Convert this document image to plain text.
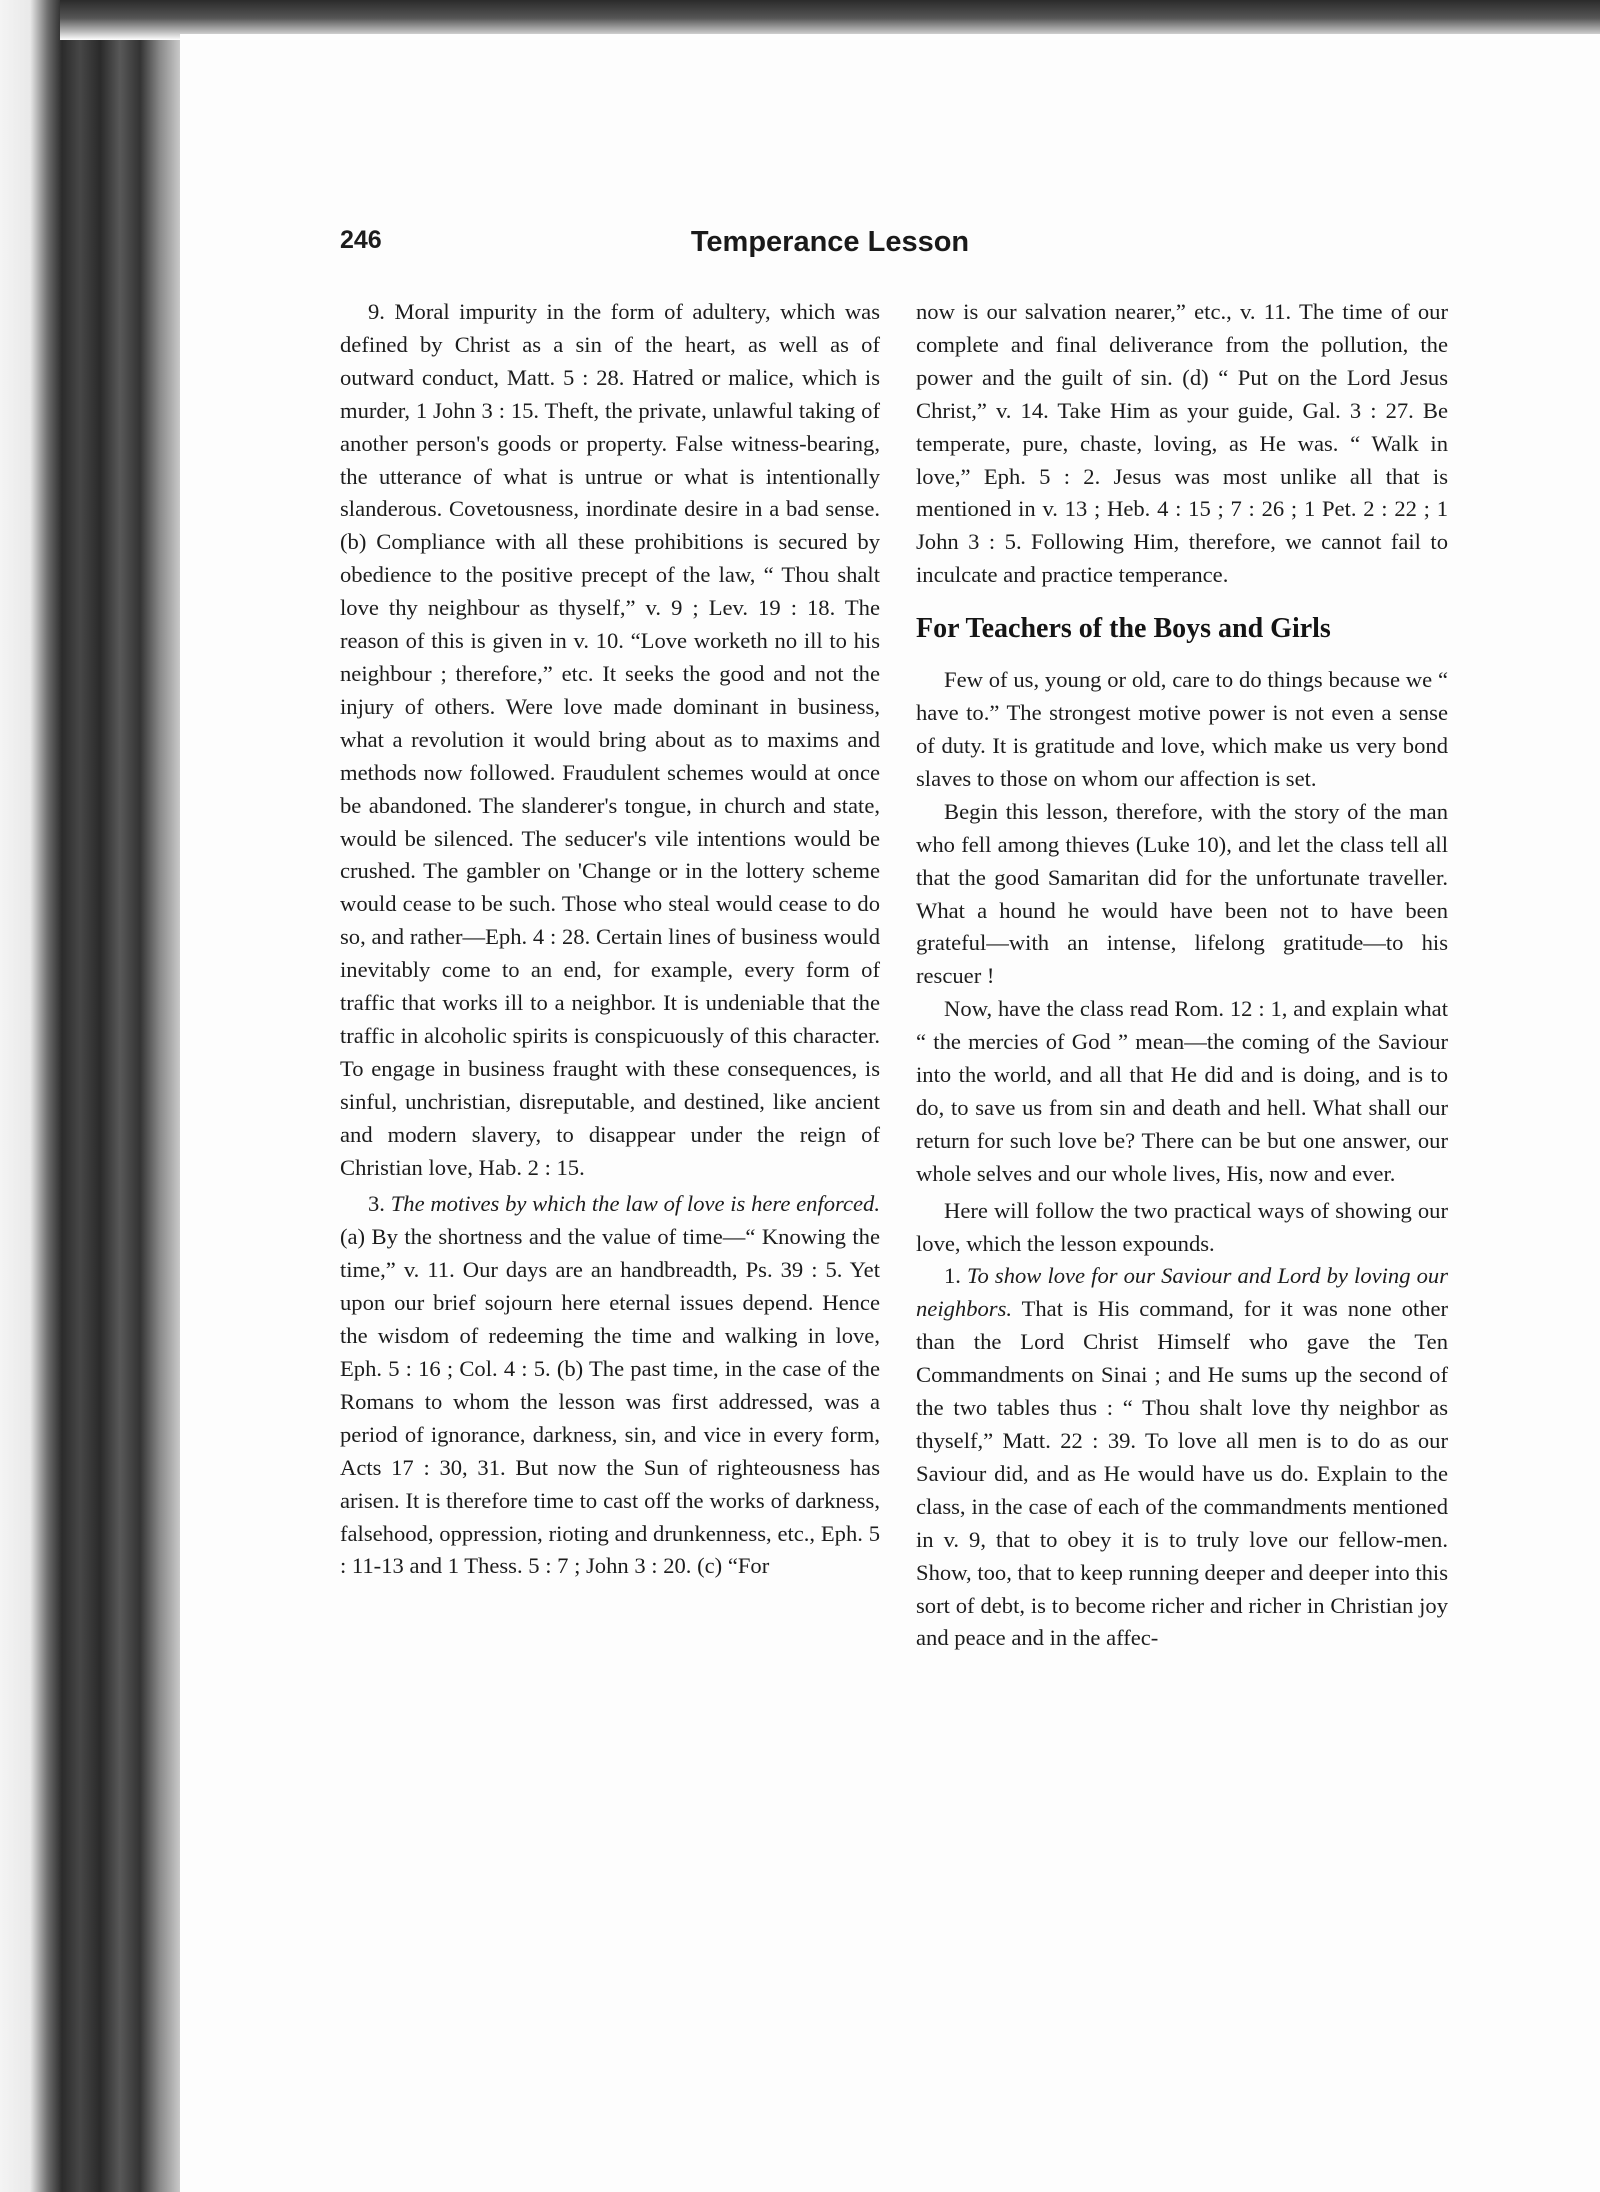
246	Temperance Lesson

9. Moral impurity in the form of adultery, which was defined by Christ as a sin of the heart, as well as of outward conduct, Matt. 5 : 28. Hatred or malice, which is murder, 1 John 3 : 15. Theft, the private, unlawful taking of another person's goods or property. False witness-bearing, the utterance of what is untrue or what is intentionally slanderous. Covetousness, inordinate desire in a bad sense. (b) Compliance with all these prohibitions is secured by obedience to the positive precept of the law, “ Thou shalt love thy neighbour as thyself,” v. 9 ; Lev. 19 : 18. The reason of this is given in v. 10. “Love worketh no ill to his neighbour ; therefore,” etc. It seeks the good and not the injury of others. Were love made dominant in business, what a revolution it would bring about as to maxims and methods now followed. Fraudulent schemes would at once be abandoned. The slanderer's tongue, in church and state, would be silenced. The seducer's vile intentions would be crushed. The gambler on 'Change or in the lottery scheme would cease to be such. Those who steal would cease to do so, and rather—Eph. 4 : 28. Certain lines of business would inevitably come to an end, for example, every form of traffic that works ill to a neighbor. It is undeniable that the traffic in alcoholic spirits is conspicuously of this character. To engage in business fraught with these consequences, is sinful, unchristian, disreputable, and destined, like ancient and modern slavery, to disappear under the reign of Christian love, Hab. 2 : 15.

3. The motives by which the law of love is here enforced. (a) By the shortness and the value of time—“ Knowing the time,” v. 11. Our days are an handbreadth, Ps. 39 : 5. Yet upon our brief sojourn here eternal issues depend. Hence the wisdom of redeeming the time and walking in love, Eph. 5 : 16 ; Col. 4 : 5. (b) The past time, in the case of the Romans to whom the lesson was first addressed, was a period of ignorance, darkness, sin, and vice in every form, Acts 17 : 30, 31. But now the Sun of righteousness has arisen. It is therefore time to cast off the works of darkness, falsehood, oppression, rioting and drunkenness, etc., Eph. 5 : 11-13 and 1 Thess. 5 : 7 ; John 3 : 20. (c) “For

now is our salvation nearer,” etc., v. 11. The time of our complete and final deliverance from the pollution, the power and the guilt of sin. (d) “ Put on the Lord Jesus Christ,” v. 14. Take Him as your guide, Gal. 3 : 27. Be temperate, pure, chaste, loving, as He was. “ Walk in love,” Eph. 5 : 2. Jesus was most unlike all that is mentioned in v. 13 ; Heb. 4 : 15 ; 7 : 26 ; 1 Pet. 2 : 22 ; 1 John 3 : 5. Following Him, therefore, we cannot fail to inculcate and practice temperance.

For Teachers of the Boys and Girls

Few of us, young or old, care to do things because we “ have to.” The strongest motive power is not even a sense of duty. It is gratitude and love, which make us very bond slaves to those on whom our affection is set.

Begin this lesson, therefore, with the story of the man who fell among thieves (Luke 10), and let the class tell all that the good Samaritan did for the unfortunate traveller. What a hound he would have been not to have been grateful—with an intense, lifelong gratitude—to his rescuer !

Now, have the class read Rom. 12 : 1, and explain what “ the mercies of God ” mean—the coming of the Saviour into the world, and all that He did and is doing, and is to do, to save us from sin and death and hell. What shall our return for such love be? There can be but one answer, our whole selves and our whole lives, His, now and ever.

Here will follow the two practical ways of showing our love, which the lesson expounds.

1. To show love for our Saviour and Lord by loving our neighbors. That is His command, for it was none other than the Lord Christ Himself who gave the Ten Commandments on Sinai ; and He sums up the second of the two tables thus : “ Thou shalt love thy neighbor as thyself,” Matt. 22 : 39. To love all men is to do as our Saviour did, and as He would have us do. Explain to the class, in the case of each of the commandments mentioned in v. 9, that to obey it is to truly love our fellow-men. Show, too, that to keep running deeper and deeper into this sort of debt, is to become richer and richer in Christian joy and peace and in the affec-
